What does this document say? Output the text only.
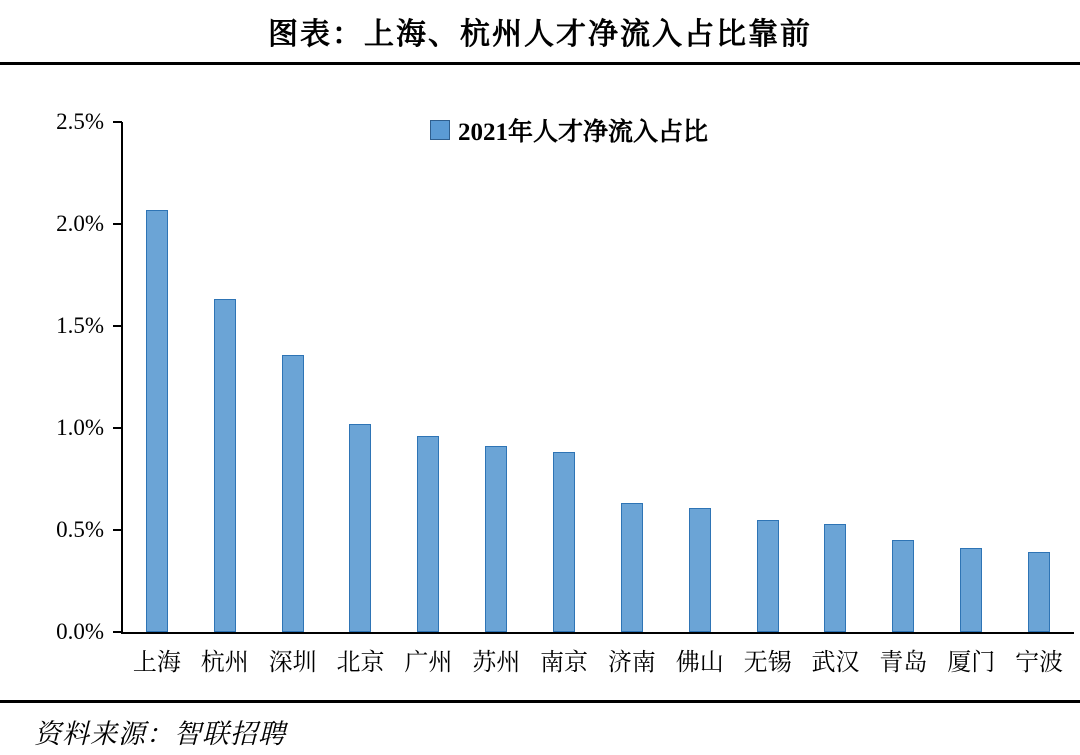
图表：上海、杭州人才净流入占比靠前
2021年人才净流入占比
0.0%
0.5%
1.0%
1.5%
2.0%
2.5%
上海 杭州 深圳 北京 广州 苏州 南京 济南 佛山 无锡 武汉 青岛 厦门 宁波
资料来源：智联招聘
